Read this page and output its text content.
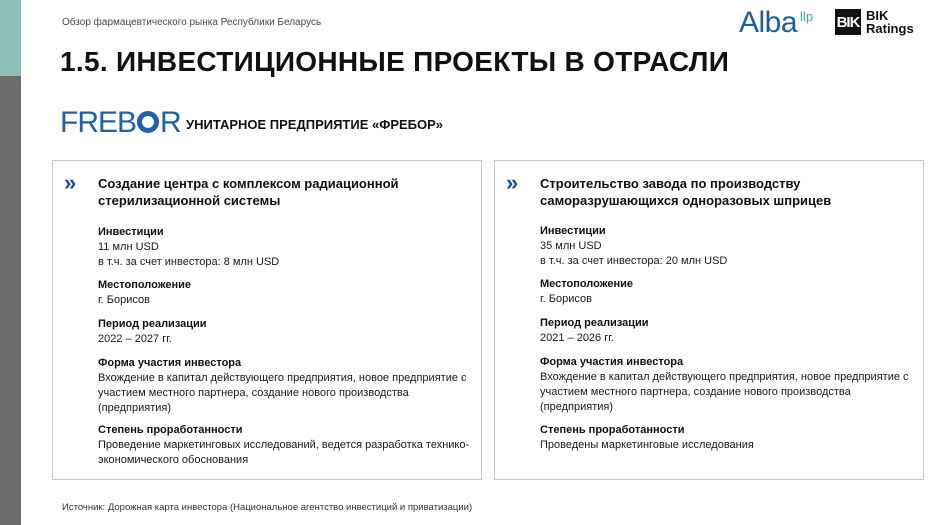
Обзор фармацевтического рынка Республики Беларусь	Alba llp BIK BIK
Ratings
1.5. ИНВЕСТИЦИОННЫЕ ПРОЕКТЫ В ОТРАСЛИ
FREB R УНИТАРНОЕ ПРЕДПРИЯТИЕ «ФРЕБОР»
» Создание центра с комплексом радиационной стерилизационной системы
Инвестиции
11 млн USD
в т.ч. за счет инвестора: 8 млн USD
Местоположение
г. Борисов
Период реализации
2022 – 2027 гг.
Форма участия инвестора
Вхождение в капитал действующего предприятия, новое предприятие с участием местного партнера, создание нового производства (предприятия)
Степень проработанности
Проведение маркетинговых исследований, ведется разработка технико-экономического обоснования
» Строительство завода по производству саморазрушающихся одноразовых шприцев
Инвестиции
35 млн USD
в т.ч. за счет инвестора: 20 млн USD
Местоположение
г. Борисов
Период реализации
2021 – 2026 гг.
Форма участия инвестора
Вхождение в капитал действующего предприятия, новое предприятие с участием местного партнера, создание нового производства (предприятия)
Степень проработанности
Проведены маркетинговые исследования
Источник: Дорожная карта инвестора (Национальное агентство инвестиций и приватизации)
